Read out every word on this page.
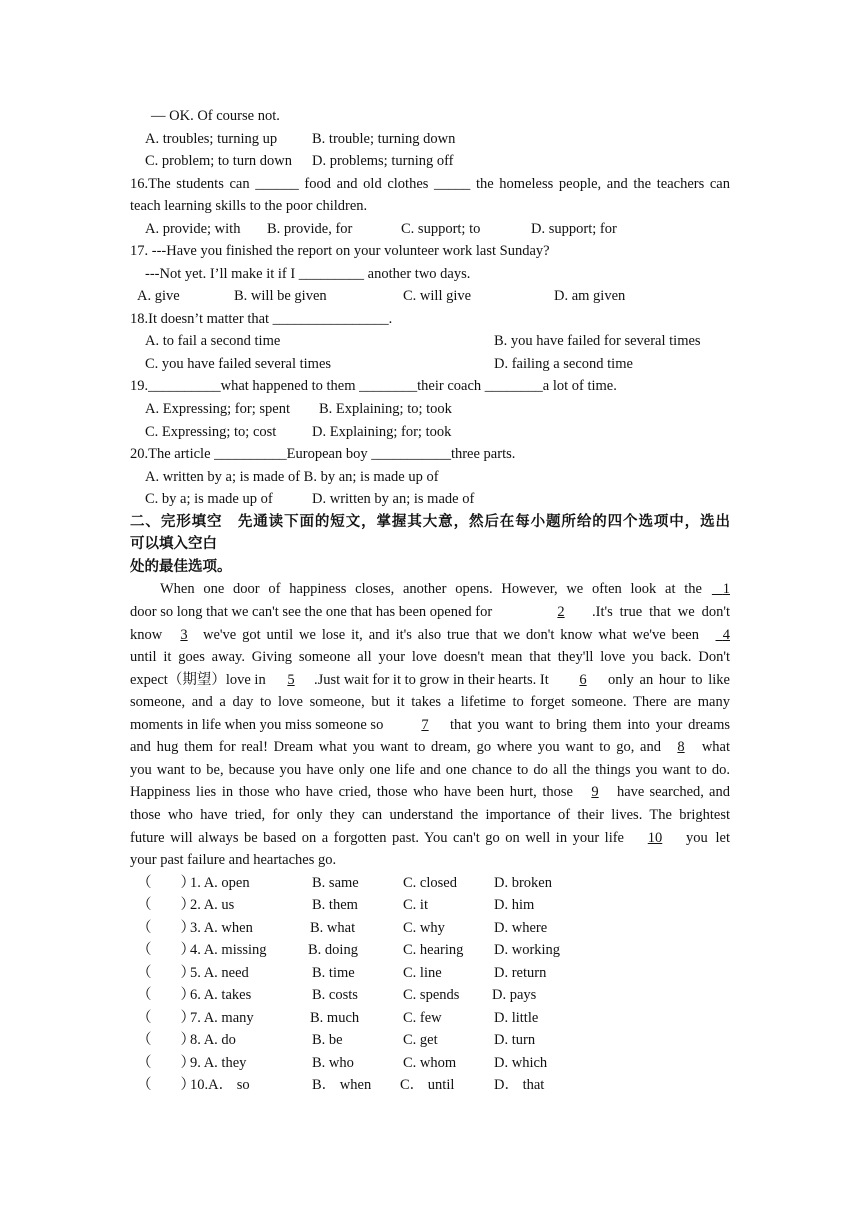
— OK. Of course not.
A. troubles; turning up B. trouble; turning down
C. problem; to turn down D. problems; turning off
16.The students can ______ food and old clothes _____ the homeless people, and the teachers can
teach learning skills to the poor children.
A. provide; with B. provide, for	C. support; to	D. support; for
17. ---Have you finished the report on your volunteer work last Sunday?
---Not yet. I’ll make it if I _________ another two days.
A. give	B. will be given	C. will give	D. am given
18.It doesn’t matter that ________________.
A. to fail a second time	B. you have failed for several times
C. you have failed several times	D. failing a second time
19.__________what happened to them ________their coach ________a lot of time.
A. Expressing; for; spent B. Explaining; to; took
C. Expressing; to; cost D. Explaining; for; took
20.The article __________European boy ___________three parts.
A. written by a; is made of B. by an; is made up of
C. by a; is made up of	D. written by an; is made of
二、完形填空　先通读下面的短文，掌握其大意，然后在每小题所给的四个选项中，选出
可以填入空白
处的最佳选项。
When one door of happiness closes, another opens. However, we often look at the	1
door so long that we can't see the one that has been opened for	2	.It's true that we don't
know	3	we've got until we lose it, and it's also true that we don't know what we've been	4
until it goes away. Giving someone all your love doesn't mean that they'll love you back. Don't
expect（期望）love in	5	.Just wait for it to grow in their hearts. It	6	only an hour to like
someone, and a day to love someone, but it takes a lifetime to forget someone. There are many
moments in life when you miss someone so	7	that you want to bring them into your dreams
and hug them for real! Dream what you want to dream, go where you want to go, and	8	what
you want to be, because you have only one life and one chance to do all the things you want to do.
Happiness lies in those who have cried, those who have been hurt, those	9	have searched, and
those who have tried, for only they can understand the importance of their lives. The brightest
future will always be based on a forgotten past. You can't go on well in your life	10	you let
your past failure and heartaches go.
（　　）
1. A. open	B. same	C. closed	D. broken
（　　）
2. A. us	B. them	C. it	D. him
（　　）
3. A. when	B. what	C. why	D. where
（　　）
4. A. missing	B. doing	C. hearing D. working
（　　）
5. A. need	B. time	C. line	D. return
（　　）
6. A. takes	B. costs	C. spends D. pays
（　　）
7. A. many	B. much	C. few	D. little
（　　）
8. A. do	B. be	C. get	D. turn
（　　）
9. A. they	B. who	C. whom	D. which
（　　）
10.A． so	B． when C． until	D． that
